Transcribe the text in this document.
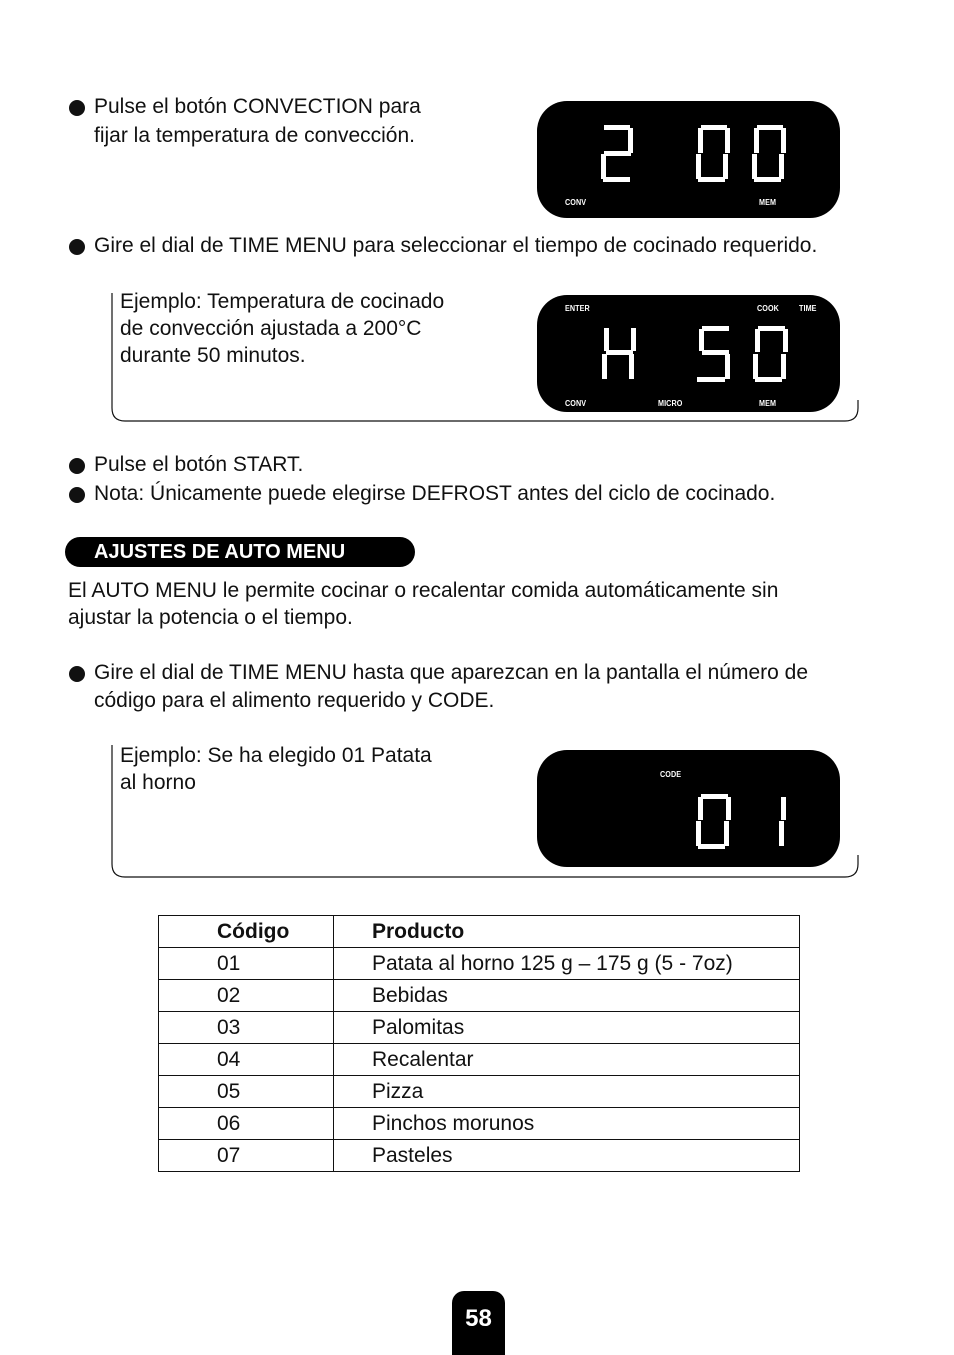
Pulse el botón CONVECTION para
fijar la temperatura de convección.
CONV	MEM
Gire el dial de TIME MENU para seleccionar el tiempo de cocinado requerido.
Ejemplo: Temperatura de cocinado
de convección ajustada a 200°C
durante 50 minutos.
ENTER	COOK	TIME
CONV	MICRO	MEM
Pulse el botón START.
Nota: Únicamente puede elegirse DEFROST antes del ciclo de cocinado.
AJUSTES DE AUTO MENU
El AUTO MENU le permite cocinar o recalentar comida automáticamente sin
ajustar la potencia o el tiempo.
Gire el dial de TIME MENU hasta que aparezcan en la pantalla el número de
código para el alimento requerido y CODE.
Ejemplo: Se ha elegido 01 Patata
al horno	CODE
Código	Producto
01	Patata al horno 125 g – 175 g (5 - 7oz)
02	Bebidas
03	Palomitas
04	Recalentar
05	Pizza
06	Pinchos morunos
07	Pasteles
58
